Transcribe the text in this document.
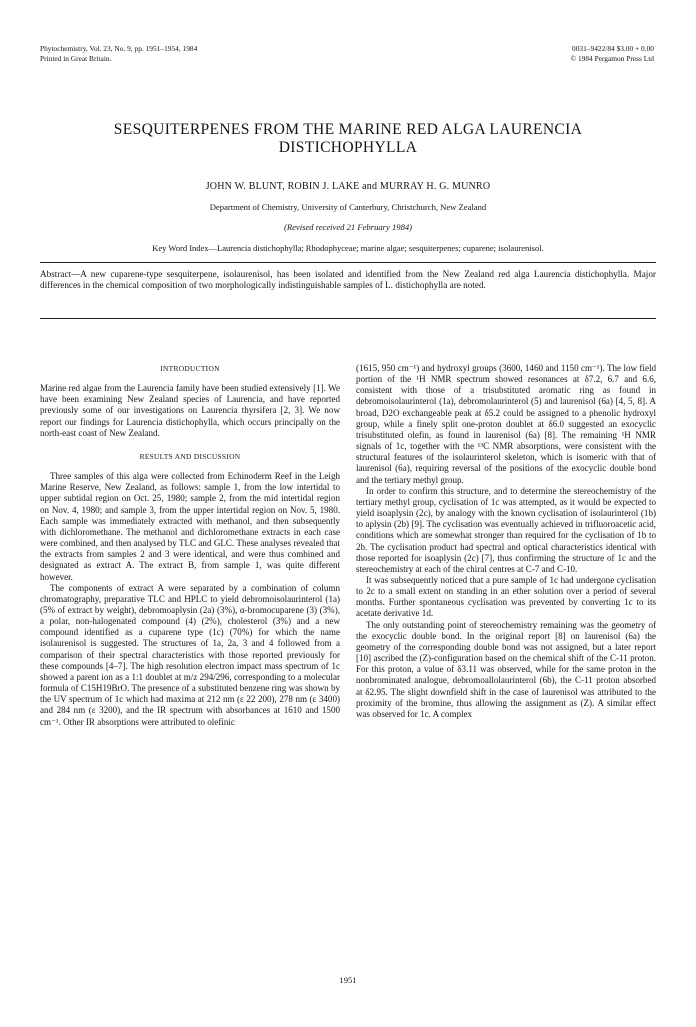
Phytochemistry, Vol. 23, No. 9, pp. 1951–1954, 1984
Printed in Great Britain.
0031–9422/84 $3.00 + 0.00
© 1984 Pergamon Press Ltd
SESQUITERPENES FROM THE MARINE RED ALGA LAURENCIA DISTICHOPHYLLA
JOHN W. BLUNT, ROBIN J. LAKE and MURRAY H. G. MUNRO
Department of Chemistry, University of Canterbury, Christchurch, New Zealand
(Revised received 21 February 1984)
Key Word Index—Laurencia distichophylla; Rhodophyceae; marine algae; sesquiterpenes; cuparene; isolaurenisol.
Abstract—A new cuparene-type sesquiterpene, isolaurenisol, has been isolated and identified from the New Zealand red alga Laurencia distichophylla. Major differences in the chemical composition of two morphologically indistinguishable samples of L. distichophylla are noted.
INTRODUCTION

Marine red algae from the Laurencia family have been studied extensively [1]. We have been examining New Zealand species of Laurencia, and have reported previously some of our investigations on Laurencia thyrsifera [2, 3]. We now report our findings for Laurencia distichophylla, which occurs principally on the north-east coast of New Zealand.

RESULTS AND DISCUSSION

Three samples of this alga were collected from Echinoderm Reef in the Leigh Marine Reserve, New Zealand, as follows: sample 1, from the low intertidal to upper subtidal region on Oct. 25, 1980; sample 2, from the mid intertidal region on Nov. 4, 1980; and sample 3, from the upper intertidal region on Nov. 5, 1980. Each sample was immediately extracted with methanol, and then subsequently with dichloromethane. The methanol and dichloromethane extracts in each case were combined, and then analysed by TLC and GLC. These analyses revealed that the extracts from samples 2 and 3 were identical, and were thus combined and designated as extract A. The extract B, from sample 1, was quite different however.

The components of extract A were separated by a combination of column chromatography, preparative TLC and HPLC to yield debromoisolaurinterol (1a) (5% of extract by weight), debromoaplysin (2a) (3%), α-bromocuparene (3) (3%), a polar, non-halogenated compound (4) (2%), cholesterol (3%) and a new compound identified as a cuparene type (1c) (70%) for which the name isolaurenisol is suggested. The structures of 1a, 2a, 3 and 4 followed from a comparison of their spectral characteristics with those reported previously for these compounds [4–7]. The high resolution electron impact mass spectrum of 1c showed a parent ion as a 1:1 doublet at m/z 294/296, corresponding to a molecular formula of C15H19BrO. The presence of a substituted benzene ring was shown by the UV spectrum of 1c which had maxima at 212 nm (ε 22 200), 278 nm (ε 3400) and 284 nm (ε 3200), and the IR spectrum with absorbances at 1610 and 1500 cm⁻¹. Other IR absorptions were attributed to olefinic

(1615, 950 cm⁻¹) and hydroxyl groups (3600, 1460 and 1150 cm⁻¹). The low field portion of the ¹H NMR spectrum showed resonances at δ7.2, 6.7 and 6.6, consistent with those of a trisubstituted aromatic ring as found in debromoisolaurinterol (1a), debromolaurinterol (5) and laurenisol (6a) [4, 5, 8]. A broad, D2O exchangeable peak at δ5.2 could be assigned to a phenolic hydroxyl group, while a finely split one-proton doublet at δ6.0 suggested an exocyclic trisubstituted olefin, as found in laurenisol (6a) [8]. The remaining ¹H NMR signals of 1c, together with the ¹³C NMR absorptions, were consistent with the structural features of the isolaurinterol skeleton, which is isomeric with that of laurenisol (6a), requiring reversal of the positions of the exocyclic double bond and the tertiary methyl group.

In order to confirm this structure, and to determine the stereochemistry of the tertiary methyl group, cyclisation of 1c was attempted, as it would be expected to yield isoaplysin (2c), by analogy with the known cyclisation of isolaurinterol (1b) to aplysin (2b) [9]. The cyclisation was eventually achieved in trifluoroacetic acid, conditions which are somewhat stronger than required for the cyclisation of 1b to 2b. The cyclisation product had spectral and optical characteristics identical with those reported for isoaplysin (2c) [7], thus confirming the structure of 1c and the stereochemistry at each of the chiral centres at C-7 and C-10.

It was subsequently noticed that a pure sample of 1c had undergone cyclisation to 2c to a small extent on standing in an ether solution over a period of several months. Further spontaneous cyclisation was prevented by converting 1c to its acetate derivative 1d.

The only outstanding point of stereochemistry remaining was the geometry of the exocyclic double bond. In the original report [8] on laurenisol (6a) the geometry of the corresponding double bond was not assigned, but a later report [10] ascribed the (Z)-configuration based on the chemical shift of the C-11 proton. For this proton, a value of δ3.11 was observed, while for the same proton in the nonbrominated analogue, debromoallolaurinterol (6b), the C-11 proton absorbed at δ2.95. The slight downfield shift in the case of laurenisol was attributed to the proximity of the bromine, thus allowing the assignment as (Z). A similar effect was observed for 1c. A complex

1951
